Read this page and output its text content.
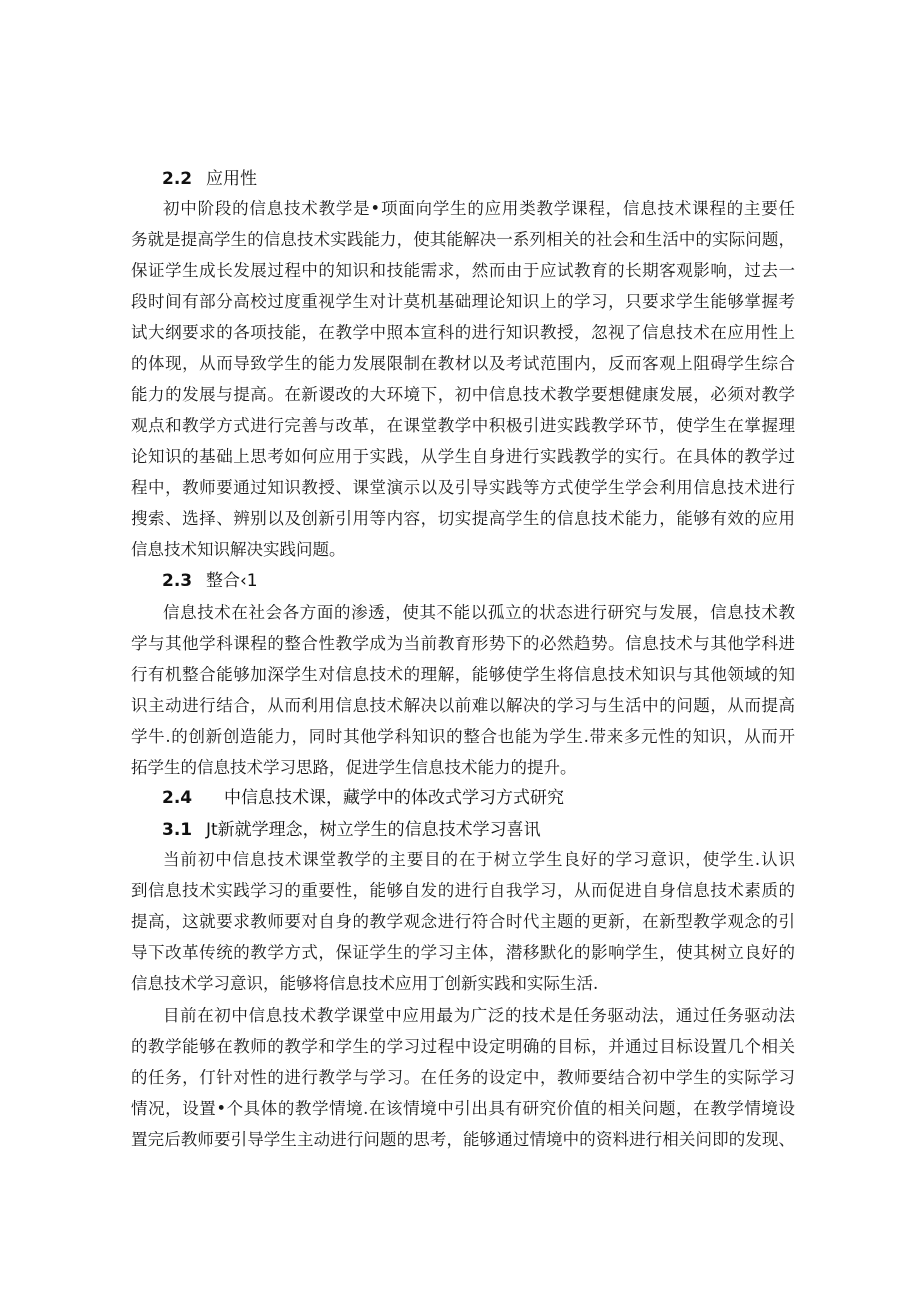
2.2 应用性
初中阶段的信息技术教学是•项面向学生的应用类教学课程，信息技术课程的主要任
务就是提高学生的信息技术实践能力，使其能解决一系列相关的社会和生活中的实际问题，
保证学生成长发展过程中的知识和技能需求，然而由于应试教育的长期客观影响，过去一
段时间有部分高校过度重视学生对计莫机基础理论知识上的学习，只要求学生能够掌握考
试大纲要求的各项技能，在教学中照本宣科的进行知识教授，忽视了信息技术在应用性上
的体现，从而导致学生的能力发展限制在教材以及考试范围内，反而客观上阻碍学生综合
能力的发展与提高。在新谡改的大环境下，初中信息技术教学要想健康发展，必须对教学
观点和教学方式进行完善与改革，在课堂教学中积极引进实践教学环节，使学生在掌握理
论知识的基础上思考如何应用于实践，从学生自身进行实践教学的实行。在具体的教学过
程中，教师要通过知识教授、课堂演示以及引导实践等方式使学生学会利用信息技术进行
搜索、选择、辨别以及创新引用等内容，切实提高学生的信息技术能力，能够有效的应用
信息技术知识解决实践问题。
2.3 整合‹1
信息技术在社会各方面的渗透，使其不能以孤立的状态进行研究与发展，信息技术教
学与其他学科课程的整合性教学成为当前教育形势下的必然趋势。信息技术与其他学科进
行有机整合能够加深学生对信息技术的理解，能够使学生将信息技术知识与其他领域的知
识主动进行结合，从而利用信息技术解决以前难以解决的学习与生活中的问题，从而提高
学牛.的创新创造能力，同时其他学科知识的整合也能为学生.带来多元性的知识，从而开
拓学生的信息技术学习思路，促进学生信息技术能力的提升。
2.4 中信息技术课，藏学中的体改式学习方式研究
3.1 Jt新就学理念，树立学生的信息技术学习喜讯
当前初中信息技术课堂教学的主要目的在于树立学生良好的学习意识，使学生.认识
到信息技术实践学习的重要性，能够自发的进行自我学习，从而促进自身信息技术素质的
提高，这就要求教师要对自身的教学观念进行符合时代主题的更新，在新型教学观念的引
导下改革传统的教学方式，保证学生的学习主体，潜移默化的影响学生，使其树立良好的
信息技术学习意识，能够将信息技术应用丁创新实践和实际生活.
目前在初中信息技术教学课堂中应用最为广泛的技术是任务驱动法，通过任务驱动法
的教学能够在教师的教学和学生的学习过程中设定明确的目标，并通过目标设置几个相关
的任务，仃针对性的进行教学与学习。在任务的设定中，教师要结合初中学生的实际学习
情况，设置•个具体的教学情境.在该情境中引出具有研究价值的相关问题，在教学情境设
置完后教师要引导学生主动进行问题的思考，能够通过情境中的资料进行相关问即的发现、
